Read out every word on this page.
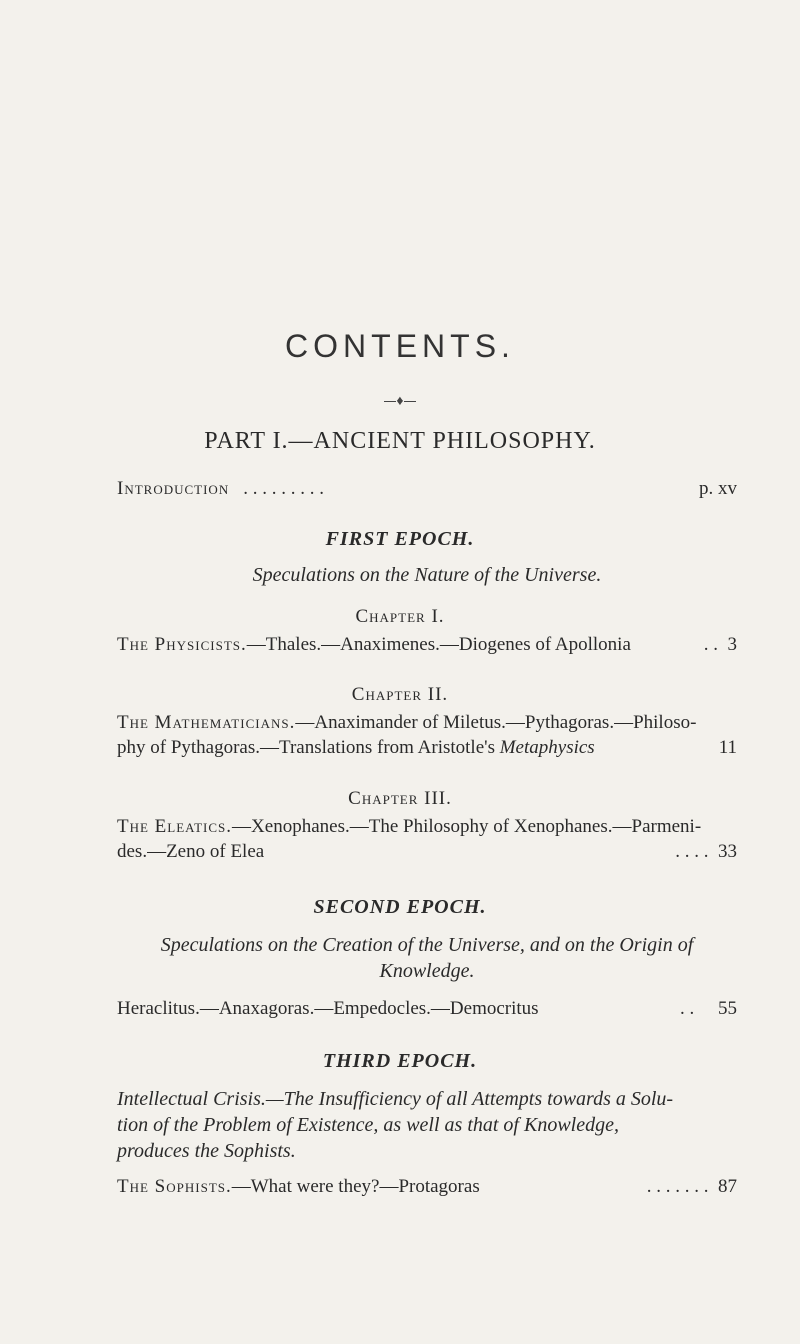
CONTENTS.
♦
PART I.—ANCIENT PHILOSOPHY.
Introduction . . . . . . . . .	p. xv
FIRST EPOCH.
Speculations on the Nature of the Universe.
Chapter I.
The Physicists.—Thales.—Anaximenes.—Diogenes of Apollonia	. . 3
Chapter II.
The Mathematicians.—Anaximander of Miletus.—Pythagoras.—Philoso-
phy of Pythagoras.—Translations from Aristotle's Metaphysics	11
Chapter III.
The Eleatics.—Xenophanes.—The Philosophy of Xenophanes.—Parmeni-
des.—Zeno of Elea	. . . . 33
SECOND EPOCH.
Speculations on the Creation of the Universe, and on the Origin of
Knowledge.
Heraclitus.—Anaxagoras.—Empedocles.—Democritus	. . 55
THIRD EPOCH.
Intellectual Crisis.—The Insufficiency of all Attempts towards a Solu-
tion of the Problem of Existence, as well as that of Knowledge,
produces the Sophists.
The Sophists.—What were they?—Protagoras	. . . . . . . 87
